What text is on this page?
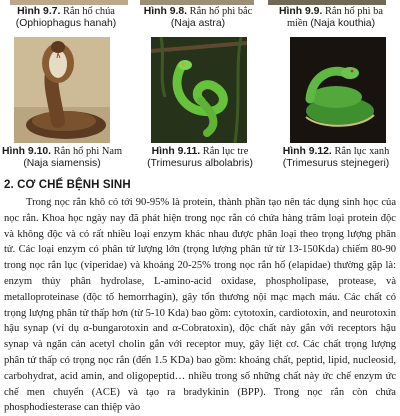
Hình 9.7. Rắn hổ chúa
(Ophiophagus hanah)
Hình 9.8. Rắn hổ phì bắc
(Naja astra)
Hình 9.9. Rắn hổ phì ba
miền (Naja kouthia)
Hình 9.10. Rắn hổ phì Nam
(Naja siamensis)
Hình 9.11. Rắn lục tre
(Trimesurus albolabris)
Hình 9.12. Rắn lục xanh
(Trimesurus stejnegeri)
2. CƠ CHẾ BỆNH SINH

Trong nọc rắn khô có tới 90-95% là protein, thành phần tạo nên tác dụng sinh học của nọc rắn. Khoa học ngày nay đã phát hiện trong nọc rắn có chứa hàng trăm loại protein độc và không độc và có rất nhiều loại enzym khác nhau được phân loại theo trọng lượng phân tử. Các loại enzym có phân tử lượng lớn (trọng lượng phân tử từ 13-150Kda) chiếm 80-90 trong nọc rắn lục (viperidae) và khoảng 20-25% trong nọc rắn hổ (elapidae) thường gặp là: enzym thủy phân hydrolase, L-amino-acid oxidase, phospholipase, protease, và metalloproteinase (độc tố hemorrhagin), gây tổn thương nội mạc mạch máu. Các chất có trọng lượng phân tử thấp hơn (từ 5-10 Kda) bao gồm: cytotoxin, cardiotoxin, and neurotoxin hậu synap (ví dụ α-bungarotoxin and α-Cobratoxin), độc chất này gắn với receptors hậu synap và ngăn cản acetyl cholin gắn với receptor muy, gây liệt cơ. Các chất trọng lượng phân tử thấp có trọng nọc rắn (đến 1.5 KDa) bao gồm: khoáng chất, peptid, lipid, nucleosid, carbohydrat, acid amin, and oligopeptid… nhiều trong số những chất này ức chế enzym ức chế men chuyển (ACE) và tạo ra bradykinin (BPP). Trong nọc rắn còn chứa phosphodiesterase can thiệp vào
